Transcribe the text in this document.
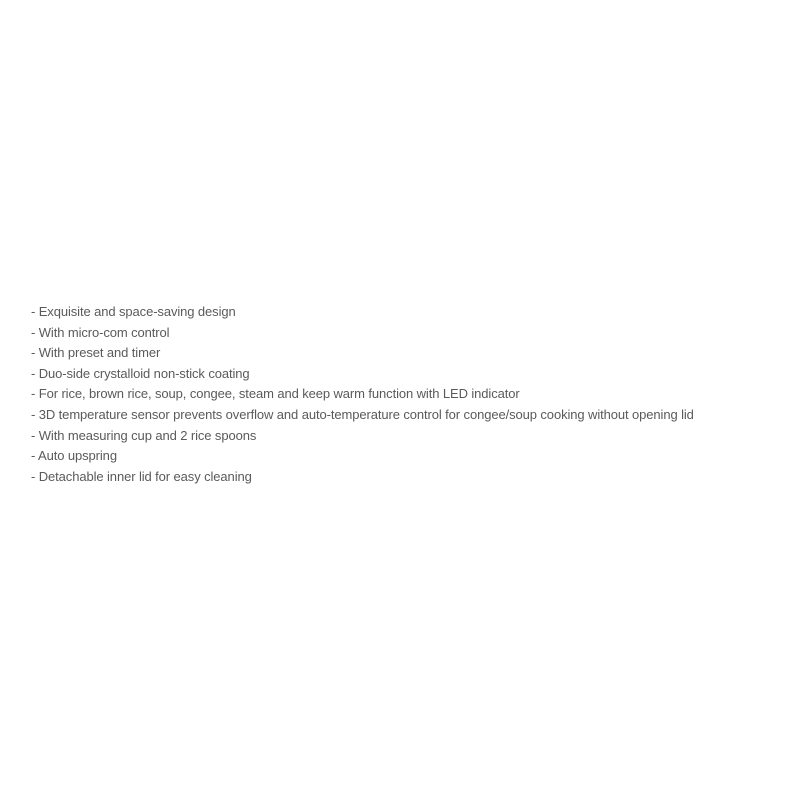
- Exquisite and space-saving design
- With micro-com control
- With preset and timer
- Duo-side crystalloid non-stick coating
- For rice, brown rice, soup, congee, steam and keep warm function with LED indicator
- 3D temperature sensor prevents overflow and auto-temperature control for congee/soup cooking without opening lid
- With measuring cup and 2 rice spoons
- Auto upspring
- Detachable inner lid for easy cleaning
